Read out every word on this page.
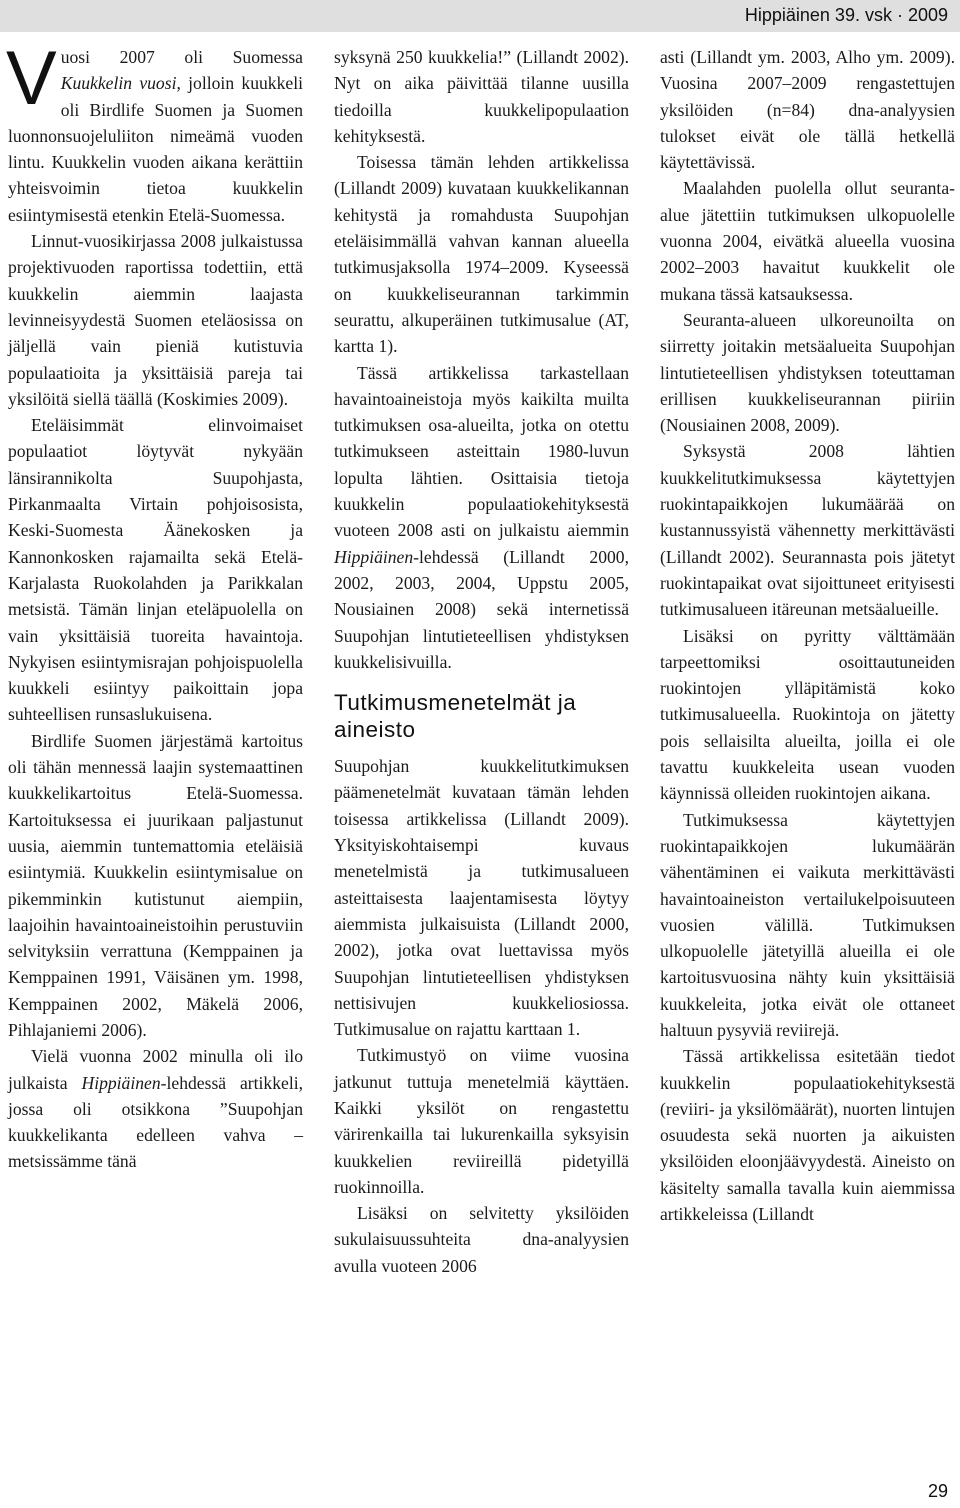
Hippiäinen 39. vsk · 2009

Vuosi 2007 oli Suomessa Kuukkelin vuosi, jolloin kuukkeli oli Birdlife Suomen ja Suomen luonnonsuojeluliiton nimeämä vuoden lintu. Kuukkelin vuoden aikana kerättiin yhteisvoimin tietoa kuukkelin esiintymisestä etenkin Etelä-Suomessa.

Linnut-vuosikirjassa 2008 julkaistussa projektivuoden raportissa todettiin, että kuukkelin aiemmin laajasta levinneisyydestä Suomen eteläosissa on jäljellä vain pieniä kutistuvia populaatioita ja yksittäisiä pareja tai yksilöitä siellä täällä (Koskimies 2009).

Eteläisimmät elinvoimaiset populaatiot löytyvät nykyään länsirannikolta Suupohjasta, Pirkanmaalta Virtain pohjoisosista, Keski-Suomesta Äänekosken ja Kannonkosken rajamailta sekä Etelä-Karjalasta Ruokolahden ja Parikkalan metsistä. Tämän linjan eteläpuolella on vain yksittäisiä tuoreita havaintoja. Nykyisen esiintymisrajan pohjoispuolella kuukkeli esiintyy paikoittain jopa suhteellisen runsaslukuisena.

Birdlife Suomen järjestämä kartoitus oli tähän mennessä laajin systemaattinen kuukkelikartoitus Etelä-Suomessa. Kartoituksessa ei juurikaan paljastunut uusia, aiemmin tuntemattomia eteläisiä esiintymiä. Kuukkelin esiintymisalue on pikemminkin kutistunut aiempiin, laajoihin havaintoaineistoihin perustuviin selvityksiin verrattuna (Kemppainen ja Kemppainen 1991, Väisänen ym. 1998, Kemppainen 2002, Mäkelä 2006, Pihlajaniemi 2006).

Vielä vuonna 2002 minulla oli ilo julkaista Hippiäinen-lehdessä artikkeli, jossa oli otsikkona ”Suupohjan kuukkelikanta edelleen vahva – metsissämme tänä

syksynä 250 kuukkelia!” (Lillandt 2002). Nyt on aika päivittää tilanne uusilla tiedoilla kuukkelipopulaation kehityksestä.

Toisessa tämän lehden artikkelissa (Lillandt 2009) kuvataan kuukkelikannan kehitystä ja romahdusta Suupohjan eteläisimmällä vahvan kannan alueella tutkimusjaksolla 1974–2009. Kyseessä on kuukkeliseurannan tarkimmin seurattu, alkuperäinen tutkimusalue (AT, kartta 1).

Tässä artikkelissa tarkastellaan havaintoaineistoja myös kaikilta muilta tutkimuksen osa-alueilta, jotka on otettu tutkimukseen asteittain 1980-luvun lopulta lähtien. Osittaisia tietoja kuukkelin populaatiokehityksestä vuoteen 2008 asti on julkaistu aiemmin Hippiäinen-lehdessä (Lillandt 2000, 2002, 2003, 2004, Uppstu 2005, Nousiainen 2008) sekä internetissä Suupohjan lintutieteellisen yhdistyksen kuukkelisivuilla.

Tutkimusmenetelmät ja aineisto

Suupohjan kuukkelitutkimuksen päämenetelmät kuvataan tämän lehden toisessa artikkelissa (Lillandt 2009). Yksityiskohtaisempi kuvaus menetelmistä ja tutkimusalueen asteittaisesta laajentamisesta löytyy aiemmista julkaisuista (Lillandt 2000, 2002), jotka ovat luettavissa myös Suupohjan lintutieteellisen yhdistyksen nettisivujen kuukkeliosiossa. Tutkimusalue on rajattu karttaan 1.

Tutkimustyö on viime vuosina jatkunut tuttuja menetelmiä käyttäen. Kaikki yksilöt on rengastettu värirenkailla tai lukurenkailla syksyisin kuukkelien reviireillä pidetyillä ruokinnoilla.

Lisäksi on selvitetty yksilöiden sukulaisuussuhteita dna-analyysien avulla vuoteen 2006

asti (Lillandt ym. 2003, Alho ym. 2009). Vuosina 2007–2009 rengastettujen yksilöiden (n=84) dna-analyysien tulokset eivät ole tällä hetkellä käytettävissä.

Maalahden puolella ollut seuranta-alue jätettiin tutkimuksen ulkopuolelle vuonna 2004, eivätkä alueella vuosina 2002–2003 havaitut kuukkelit ole mukana tässä katsauksessa.

Seuranta-alueen ulkoreunoilta on siirretty joitakin metsäalueita Suupohjan lintutieteellisen yhdistyksen toteuttaman erillisen kuukkeliseurannan piiriin (Nousiainen 2008, 2009).

Syksystä 2008 lähtien kuukkelitutkimuksessa käytettyjen ruokintapaikkojen lukumäärää on kustannussyistä vähennetty merkittävästi (Lillandt 2002). Seurannasta pois jätetyt ruokintapaikat ovat sijoittuneet erityisesti tutkimusalueen itäreunan metsäalueille.

Lisäksi on pyritty välttämään tarpeettomiksi osoittautuneiden ruokintojen ylläpitämistä koko tutkimusalueella. Ruokintoja on jätetty pois sellaisilta alueilta, joilla ei ole tavattu kuukkeleita usean vuoden käynnissä olleiden ruokintojen aikana.

Tutkimuksessa käytettyjen ruokintapaikkojen lukumäärän vähentäminen ei vaikuta merkittävästi havaintoaineiston vertailukelpoisuuteen vuosien välillä. Tutkimuksen ulkopuolelle jätetyillä alueilla ei ole kartoitusvuosina nähty kuin yksittäisiä kuukkeleita, jotka eivät ole ottaneet haltuun pysyviä reviirejä.

Tässä artikkelissa esitetään tiedot kuukkelin populaatiokehityksestä (reviiri- ja yksilömäärät), nuorten lintujen osuudesta sekä nuorten ja aikuisten yksilöiden eloonjäävyydestä. Aineisto on käsitelty samalla tavalla kuin aiemmissa artikkeleissa (Lillandt

29
